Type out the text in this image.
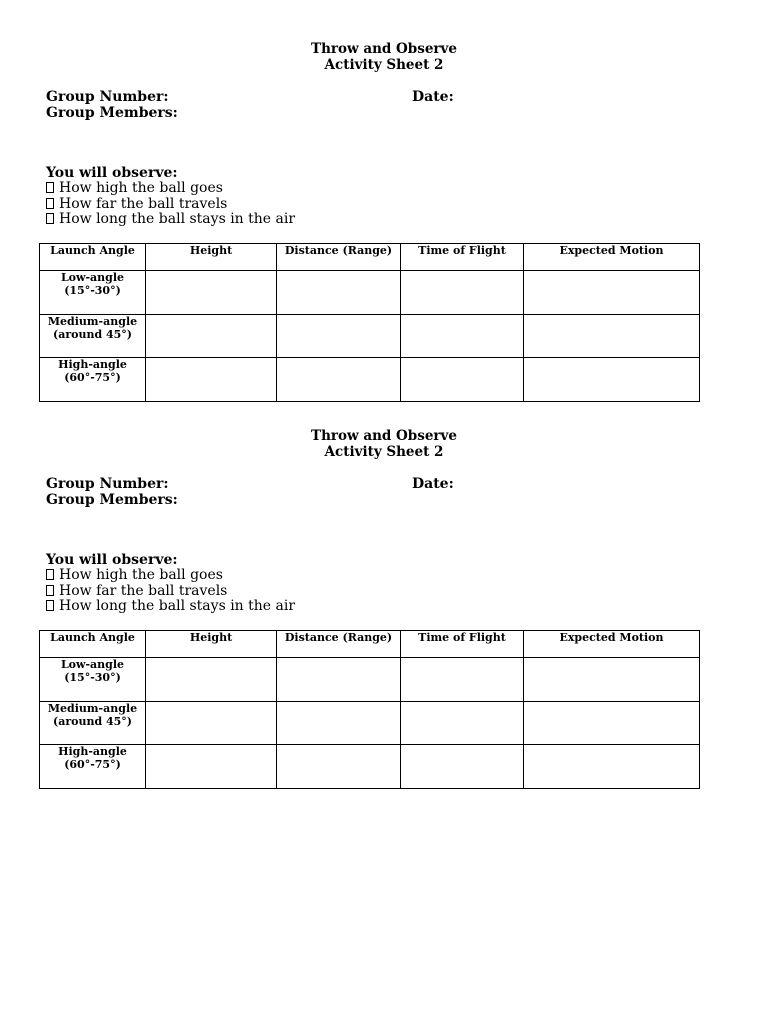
Throw and Observe
Activity Sheet 2
Group Number:	Date:
Group Members:
You will observe:
How high the ball goes
How far the ball travels
How long the ball stays in the air
Launch Angle	Height	Distance (Range)	Time of Flight	Expected Motion
Low-angle (15°-30°)				
Medium-angle (around 45°)				
High-angle (60°-75°)				
Throw and Observe
Activity Sheet 2
Group Number:	Date:
Group Members:
You will observe:
How high the ball goes
How far the ball travels
How long the ball stays in the air
Launch Angle	Height	Distance (Range)	Time of Flight	Expected Motion
Low-angle (15°-30°)				
Medium-angle (around 45°)				
High-angle (60°-75°)				
